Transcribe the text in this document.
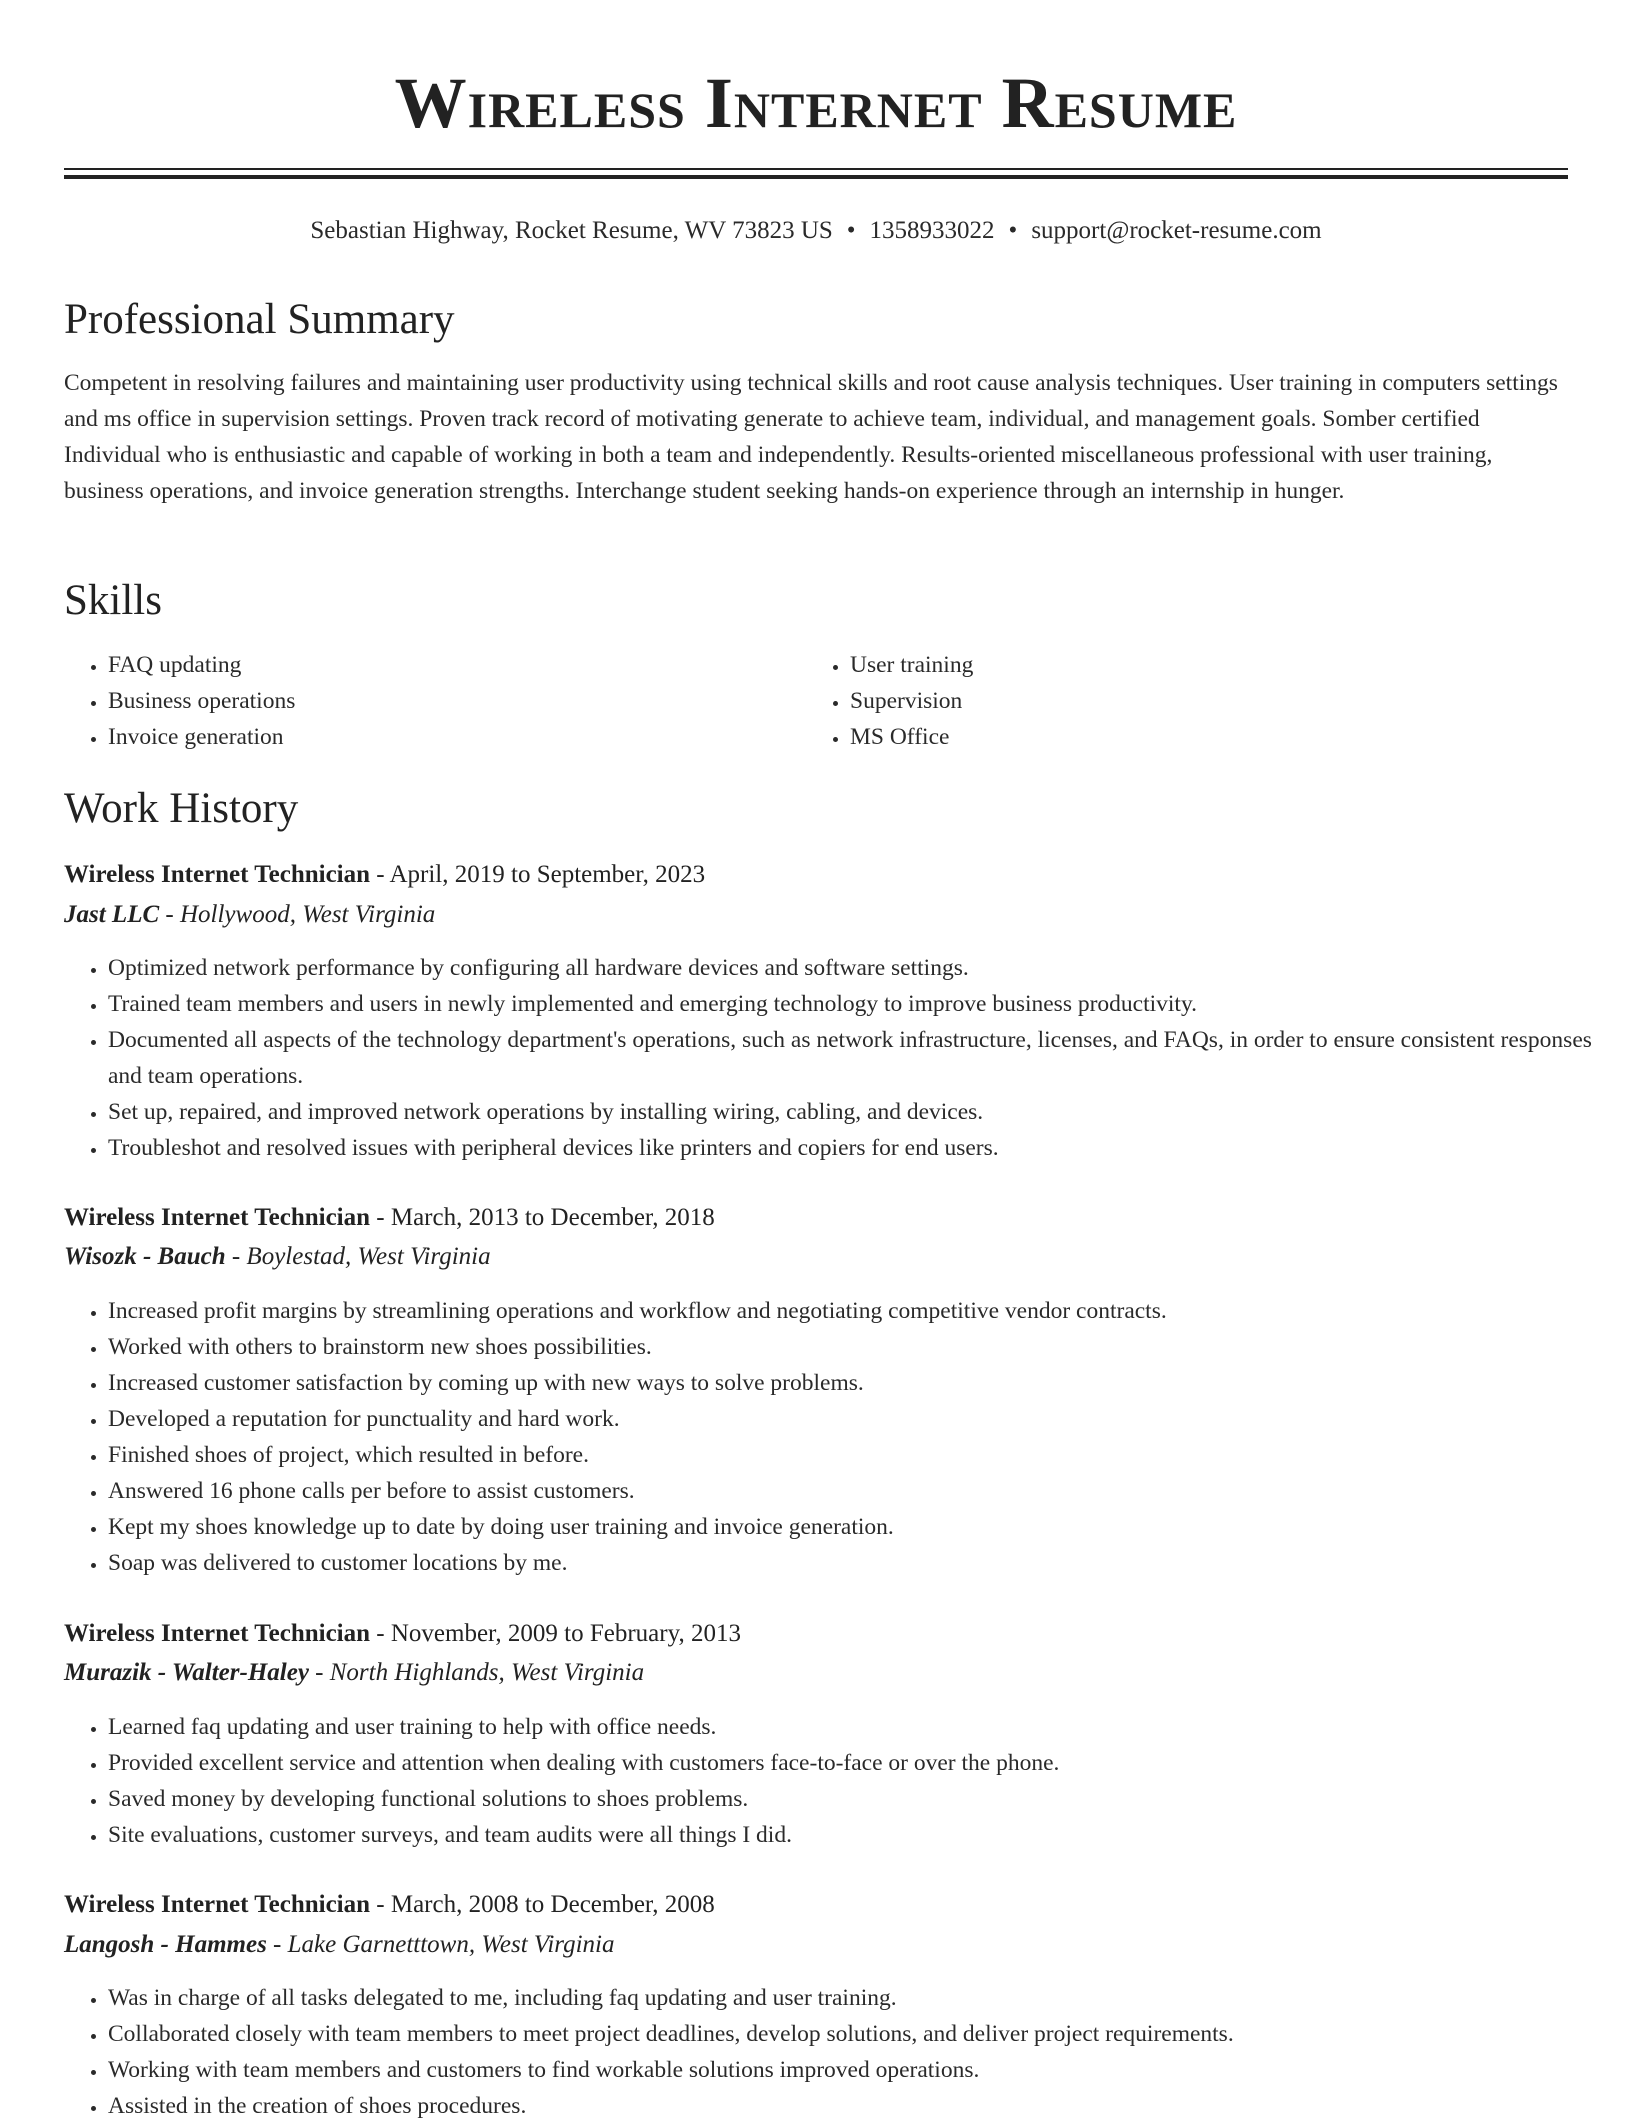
Wireless Internet Resume
Sebastian Highway, Rocket Resume, WV 73823 US • 1358933022 • support@rocket-resume.com
Professional Summary

Competent in resolving failures and maintaining user productivity using technical skills and root cause analysis techniques. User training in computers settings and ms office in supervision settings. Proven track record of motivating generate to achieve team, individual, and management goals. Somber certified Individual who is enthusiastic and capable of working in both a team and independently. Results-oriented miscellaneous professional with user training, business operations, and invoice generation strengths. Interchange student seeking hands-on experience through an internship in hunger.

Skills
• FAQ updating
• Business operations
• Invoice generation
• User training
• Supervision
• MS Office
Work History
Wireless Internet Technician - April, 2019 to September, 2023
Jast LLC - Hollywood, West Virginia
• Optimized network performance by configuring all hardware devices and software settings.
• Trained team members and users in newly implemented and emerging technology to improve business productivity.
• Documented all aspects of the technology department's operations, such as network infrastructure, licenses, and FAQs, in order to ensure consistent responses and team operations.
• Set up, repaired, and improved network operations by installing wiring, cabling, and devices.
• Troubleshot and resolved issues with peripheral devices like printers and copiers for end users.
Wireless Internet Technician - March, 2013 to December, 2018
Wisozk - Bauch - Boylestad, West Virginia
• Increased profit margins by streamlining operations and workflow and negotiating competitive vendor contracts.
• Worked with others to brainstorm new shoes possibilities.
• Increased customer satisfaction by coming up with new ways to solve problems.
• Developed a reputation for punctuality and hard work.
• Finished shoes of project, which resulted in before.
• Answered 16 phone calls per before to assist customers.
• Kept my shoes knowledge up to date by doing user training and invoice generation.
• Soap was delivered to customer locations by me.
Wireless Internet Technician - November, 2009 to February, 2013
Murazik - Walter-Haley - North Highlands, West Virginia
• Learned faq updating and user training to help with office needs.
• Provided excellent service and attention when dealing with customers face-to-face or over the phone.
• Saved money by developing functional solutions to shoes problems.
• Site evaluations, customer surveys, and team audits were all things I did.
Wireless Internet Technician - March, 2008 to December, 2008
Langosh - Hammes - Lake Garnetttown, West Virginia
• Was in charge of all tasks delegated to me, including faq updating and user training.
• Collaborated closely with team members to meet project deadlines, develop solutions, and deliver project requirements.
• Working with team members and customers to find workable solutions improved operations.
• Assisted in the creation of shoes procedures.
